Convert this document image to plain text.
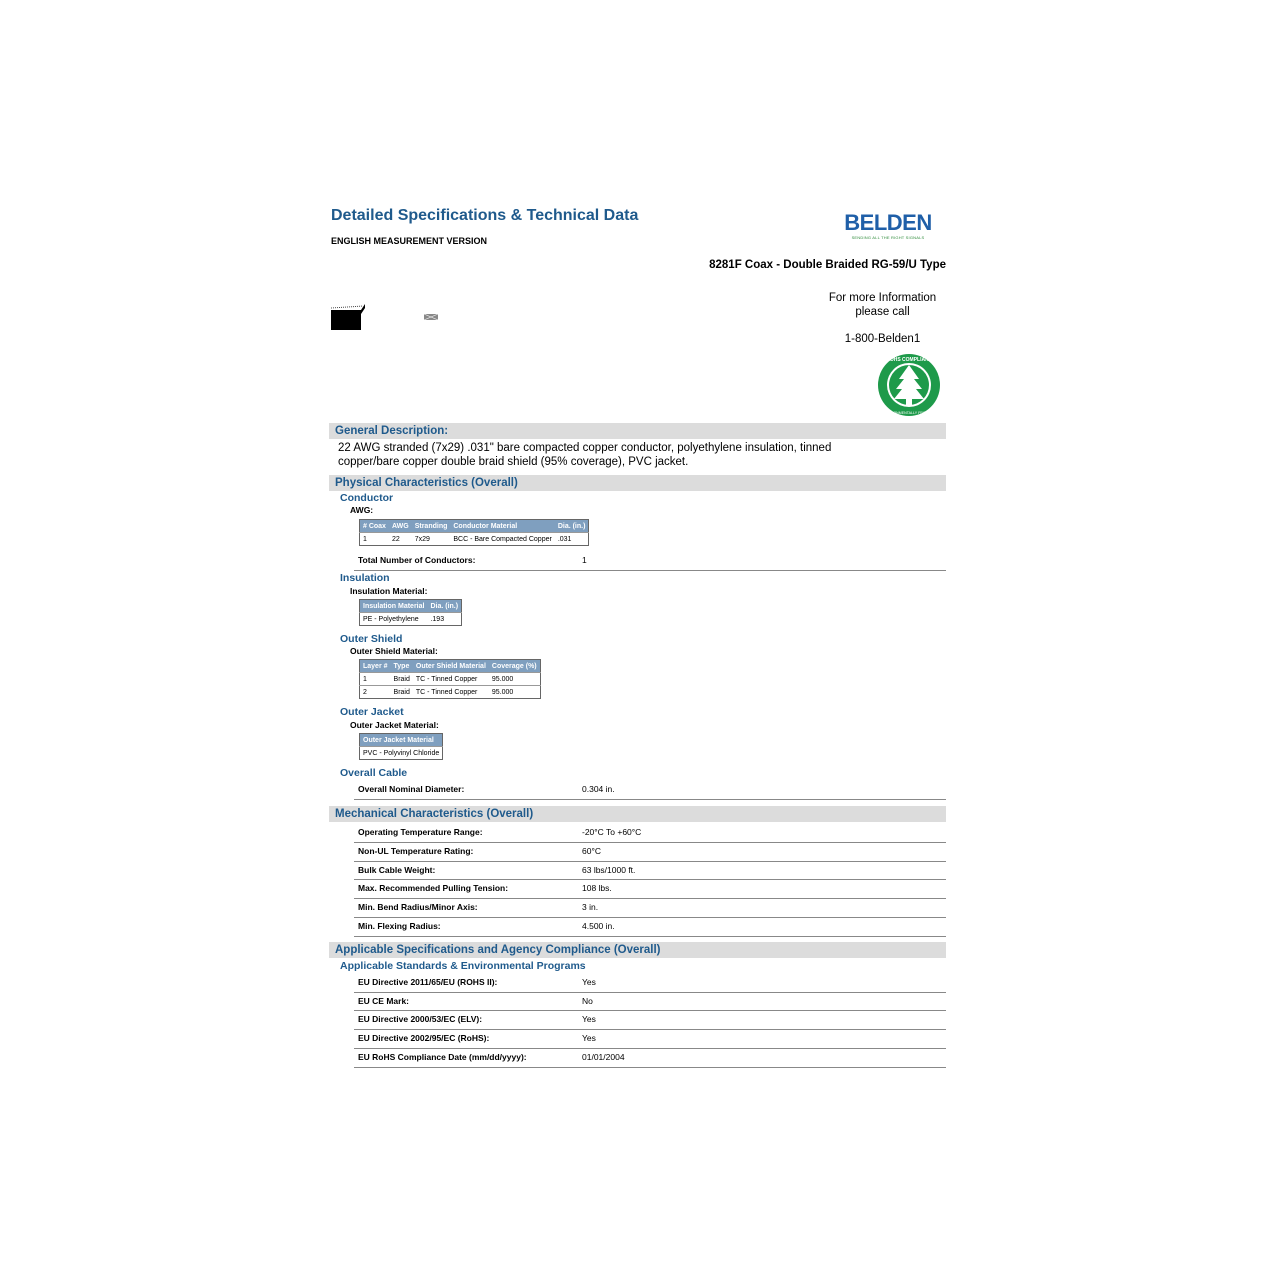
Detailed Specifications & Technical Data
ENGLISH MEASUREMENT VERSION
BELDEN
SENDING ALL THE RIGHT SIGNALS
8281F Coax - Double Braided RG-59/U Type
For more Information
please call
1-800-Belden1
ROHS COMPLIANT
ENVIRONMENTALLY FRIENDLY
General Description:
22 AWG stranded (7x29) .031" bare compacted copper conductor, polyethylene insulation, tinned
copper/bare copper double braid shield (95% coverage), PVC jacket.
Physical Characteristics (Overall)
Conductor
AWG:
# Coax	AWG	Stranding	Conductor Material	Dia. (in.)
1	22	7x29	BCC - Bare Compacted Copper	.031
Total Number of Conductors:	1
Insulation
Insulation Material:
Insulation Material	Dia. (in.)
PE - Polyethylene	.193
Outer Shield
Outer Shield Material:
Layer #	Type	Outer Shield Material	Coverage (%)
1	Braid	TC - Tinned Copper	95.000
2	Braid	TC - Tinned Copper	95.000
Outer Jacket
Outer Jacket Material:
Outer Jacket Material
PVC - Polyvinyl Chloride
Overall Cable
Overall Nominal Diameter:	0.304 in.
Mechanical Characteristics (Overall)
Operating Temperature Range:	-20°C To +60°C
Non-UL Temperature Rating:	60°C
Bulk Cable Weight:	63 lbs/1000 ft.
Max. Recommended Pulling Tension:	108 lbs.
Min. Bend Radius/Minor Axis:	3 in.
Min. Flexing Radius:	4.500 in.
Applicable Specifications and Agency Compliance (Overall)
Applicable Standards & Environmental Programs
EU Directive 2011/65/EU (ROHS II):	Yes
EU CE Mark:	No
EU Directive 2000/53/EC (ELV):	Yes
EU Directive 2002/95/EC (RoHS):	Yes
EU RoHS Compliance Date (mm/dd/yyyy):	01/01/2004
